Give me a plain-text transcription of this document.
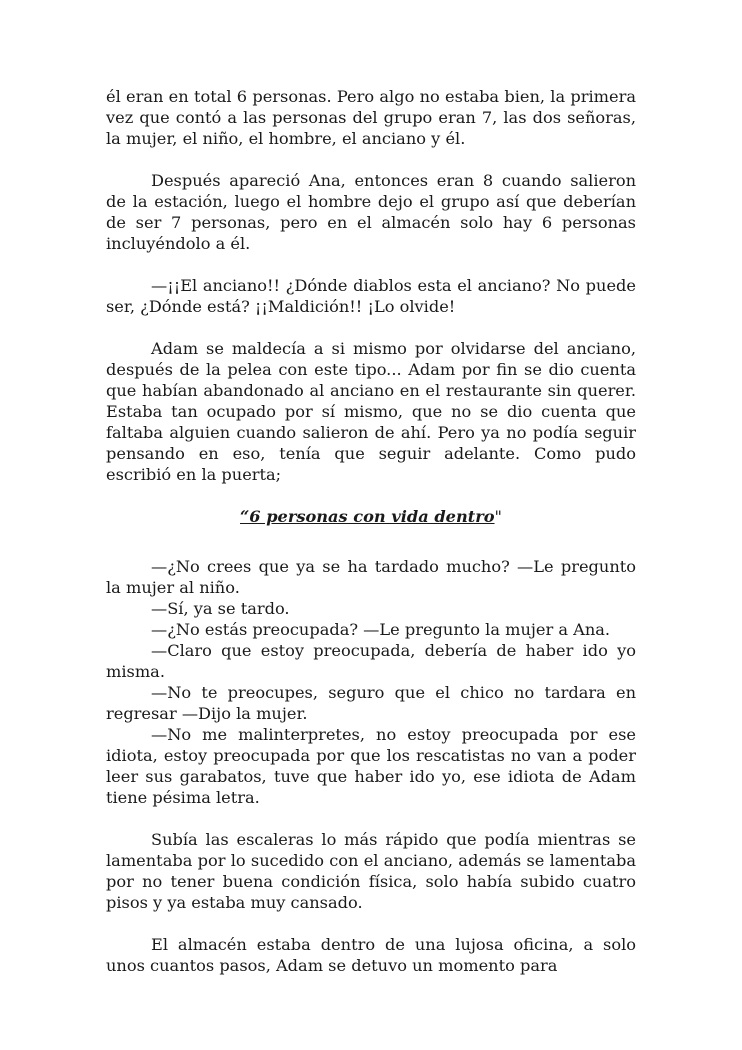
él eran en total 6 personas. Pero algo no estaba bien, la primera vez que contó a las personas del grupo eran 7, las dos señoras, la mujer, el niño, el hombre, el anciano y él.

Después apareció Ana, entonces eran 8 cuando salieron de la estación, luego el hombre dejo el grupo así que deberían de ser 7 personas, pero en el almacén solo hay 6 personas incluyéndolo a él.

—¡¡El anciano!! ¿Dónde diablos esta el anciano? No puede ser, ¿Dónde está? ¡¡Maldición!! ¡Lo olvide!

Adam se maldecía a si mismo por olvidarse del anciano, después de la pelea con este tipo... Adam por fin se dio cuenta que habían abandonado al anciano en el restaurante sin querer. Estaba tan ocupado por sí mismo, que no se dio cuenta que faltaba alguien cuando salieron de ahí. Pero ya no podía seguir pensando en eso, tenía que seguir adelante. Como pudo escribió en la puerta;

“6 personas con vida dentro"

—¿No crees que ya se ha tardado mucho? —Le pregunto la mujer al niño.

—Sí, ya se tardo.

—¿No estás preocupada? —Le pregunto la mujer a Ana.

—Claro que estoy preocupada, debería de haber ido yo misma.

—No te preocupes, seguro que el chico no tardara en regresar —Dijo la mujer.

—No me malinterpretes, no estoy preocupada por ese idiota, estoy preocupada por que los rescatistas no van a poder leer sus garabatos, tuve que haber ido yo, ese idiota de Adam tiene pésima letra.

Subía las escaleras lo más rápido que podía mientras se lamentaba por lo sucedido con el anciano, además se lamentaba por no tener buena condición física, solo había subido cuatro pisos y ya estaba muy cansado.

El almacén estaba dentro de una lujosa oficina, a solo unos cuantos pasos, Adam se detuvo un momento para
